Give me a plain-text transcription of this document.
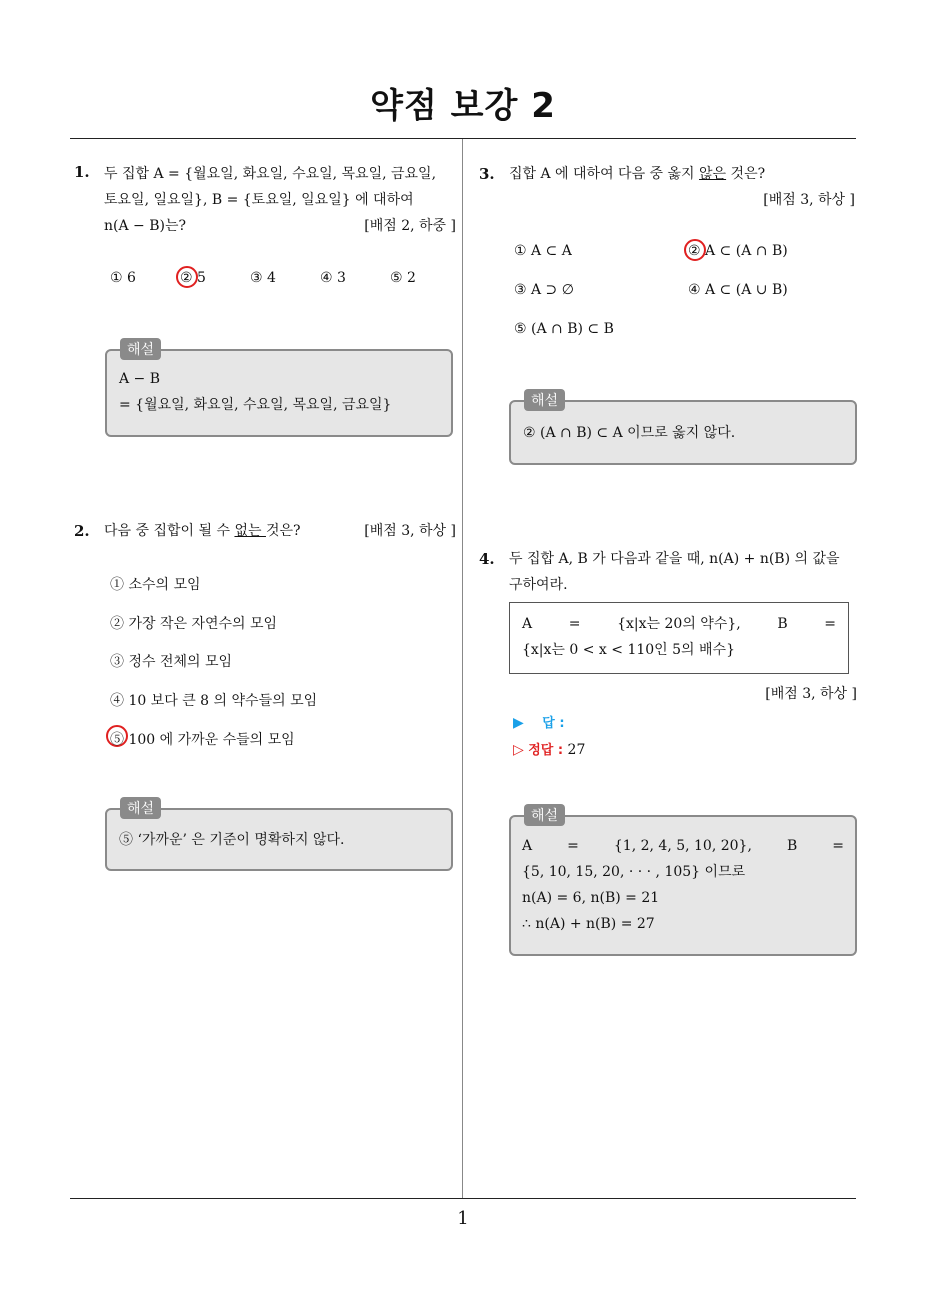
약점 보강 2
1
1. 두 집합 A = {월요일, 화요일, 수요일, 목요일, 금요일,
토요일, 일요일}, B = {토요일, 일요일} 에 대하여
n(A − B)는?	[배점 2, 하중 ]
① 6	② 5	③ 4	④ 3	⑤ 2
해설
A − B
= {월요일, 화요일, 수요일, 목요일, 금요일}
2. 다음 중 집합이 될 수 없는 것은?	[배점 3, 하상 ]
① 소수의 모임
② 가장 작은 자연수의 모임
③ 정수 전체의 모임
④ 10 보다 큰 8 의 약수들의 모임
⑤ 100 에 가까운 수들의 모임
해설
⑤ ‘가까운’ 은 기준이 명확하지 않다.
3. 집합 A 에 대하여 다음 중 옳지 않은 것은?
[배점 3, 하상 ]
① A ⊂ A	② A ⊂ (A ∩ B)
③ A ⊃ ∅	④ A ⊂ (A ∪ B)
⑤ (A ∩ B) ⊂ B
해설
② (A ∩ B) ⊂ A 이므로 옳지 않다.
4. 두 집합 A, B 가 다음과 같을 때, n(A) + n(B) 의 값을
구하여라.
A	=	{x|x는 20의 약수},	B	=
{x|x는 0 < x < 110인 5의 배수}
[배점 3, 하상 ]
▶ 답 :
▷ 정답 : 27
해설
A	=	{1, 2, 4, 5, 10, 20},	B	=
{5, 10, 15, 20, · · · , 105} 이므로
n(A) = 6, n(B) = 21
∴ n(A) + n(B) = 27
